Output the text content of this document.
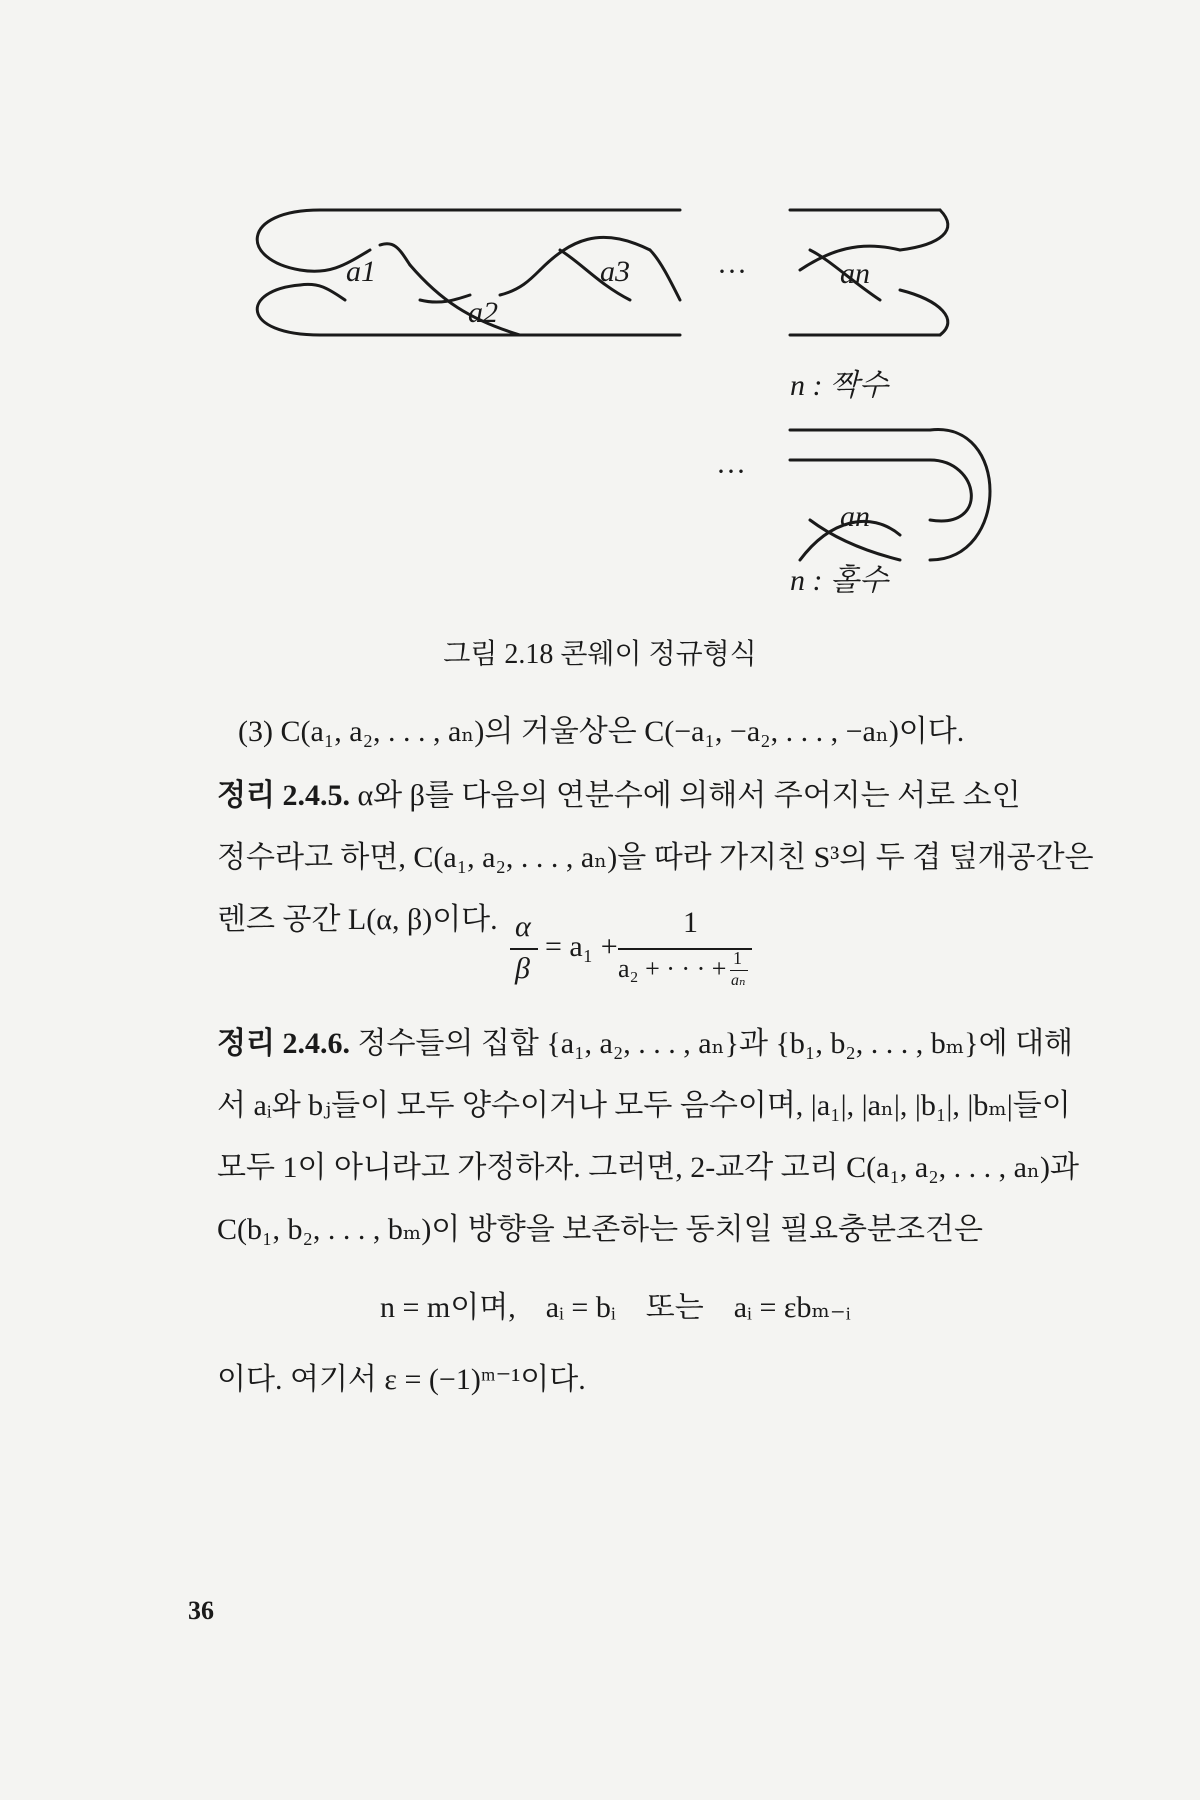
a1
a2
a3	···	an
n : 짝수
···
an
n : 홀수
그림 2.18 콘웨이 정규형식
(3) C(a₁, a₂, . . . , aₙ)의 거울상은 C(−a₁, −a₂, . . . , −aₙ)이다.
정리 2.4.5. α와 β를 다음의 연분수에 의해서 주어지는 서로 소인
정수라고 하면, C(a₁, a₂, . . . , aₙ)을 따라 가지친 S³의 두 겹 덮개공간은
렌즈 공간 L(α, β)이다. α
β
= a₁ +
1
a₂ + · · · + 1
aₙ
정리 2.4.6. 정수들의 집합 {a₁, a₂, . . . , aₙ}과 {b₁, b₂, . . . , bₘ}에 대해
서 aᵢ와 bⱼ들이 모두 양수이거나 모두 음수이며, |a₁|, |aₙ|, |b₁|, |bₘ|들이
모두 1이 아니라고 가정하자. 그러면, 2-교각 고리 C(a₁, a₂, . . . , aₙ)과
C(b₁, b₂, . . . , bₘ)이 방향을 보존하는 동치일 필요충분조건은
n = m이며,    aᵢ = bᵢ    또는    aᵢ = εbₘ₋ᵢ
이다. 여기서 ε = (−1)ᵐ⁻¹이다.
36
